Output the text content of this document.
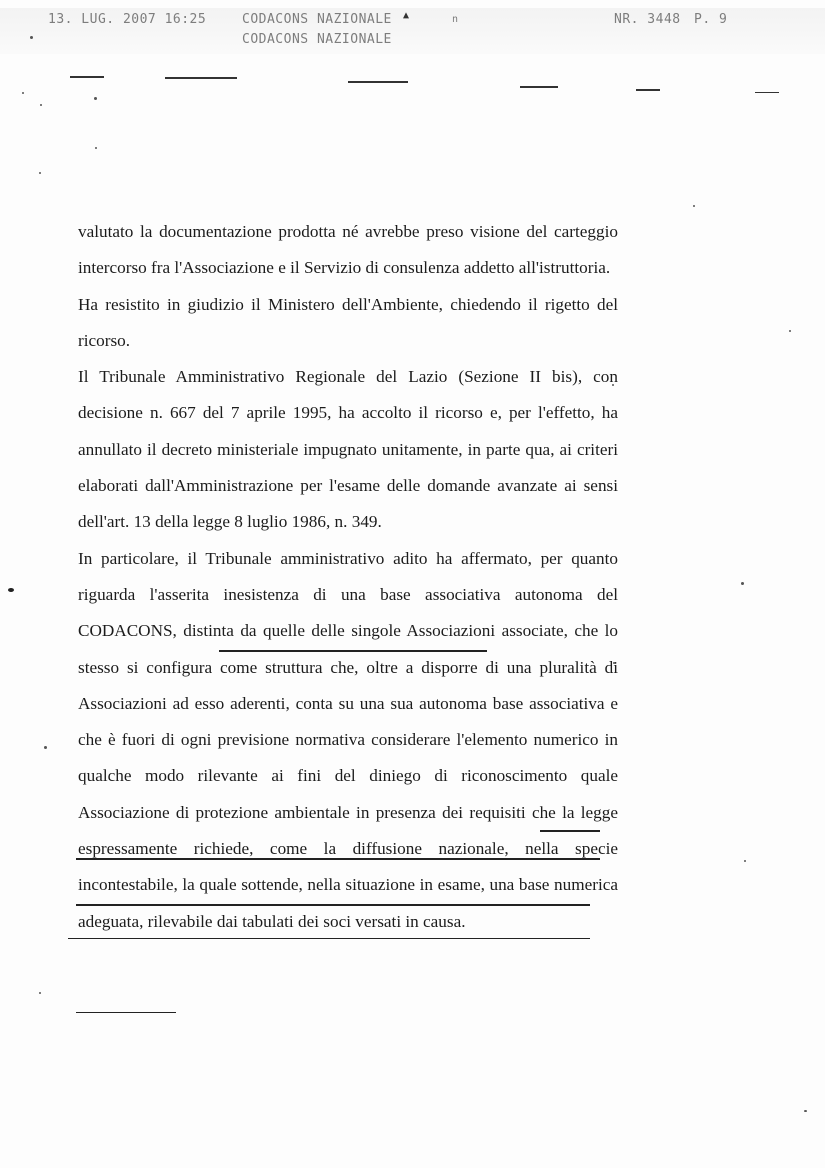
13. LUG. 2007 16:25	CODACONS NAZIONALE ▲	n
CODACONS NAZIONALE
NR. 3448 P. 9

valutato la documentazione prodotta né avrebbe preso visione del carteggio intercorso fra l'Associazione e il Servizio di consulenza addetto all'istruttoria.

Ha resistito in giudizio il Ministero dell'Ambiente, chiedendo il rigetto del ricorso.

Il Tribunale Amministrativo Regionale del Lazio (Sezione II bis), con decisione n. 667 del 7 aprile 1995, ha accolto il ricorso e, per l'effetto, ha annullato il decreto ministeriale impugnato unitamente, in parte qua, ai criteri elaborati dall'Amministrazione per l'esame delle domande avanzate ai sensi dell'art. 13 della legge 8 luglio 1986, n. 349.

In particolare, il Tribunale amministrativo adito ha affermato, per quanto riguarda l'asserita inesistenza di una base associativa autonoma del CODACONS, distinta da quelle delle singole Associazioni associate, che lo stesso si configura come struttura che, oltre a disporre di una pluralità di Associazioni ad esso aderenti, conta su una sua autonoma base associativa e che è fuori di ogni previsione normativa considerare l'elemento numerico in qualche modo rilevante ai fini del diniego di riconoscimento quale Associazione di protezione ambientale in presenza dei requisiti che la legge espressamente richiede, come la diffusione nazionale, nella specie incontestabile, la quale sottende, nella situazione in esame, una base numerica adeguata, rilevabile dai tabulati dei soci versati in causa.
